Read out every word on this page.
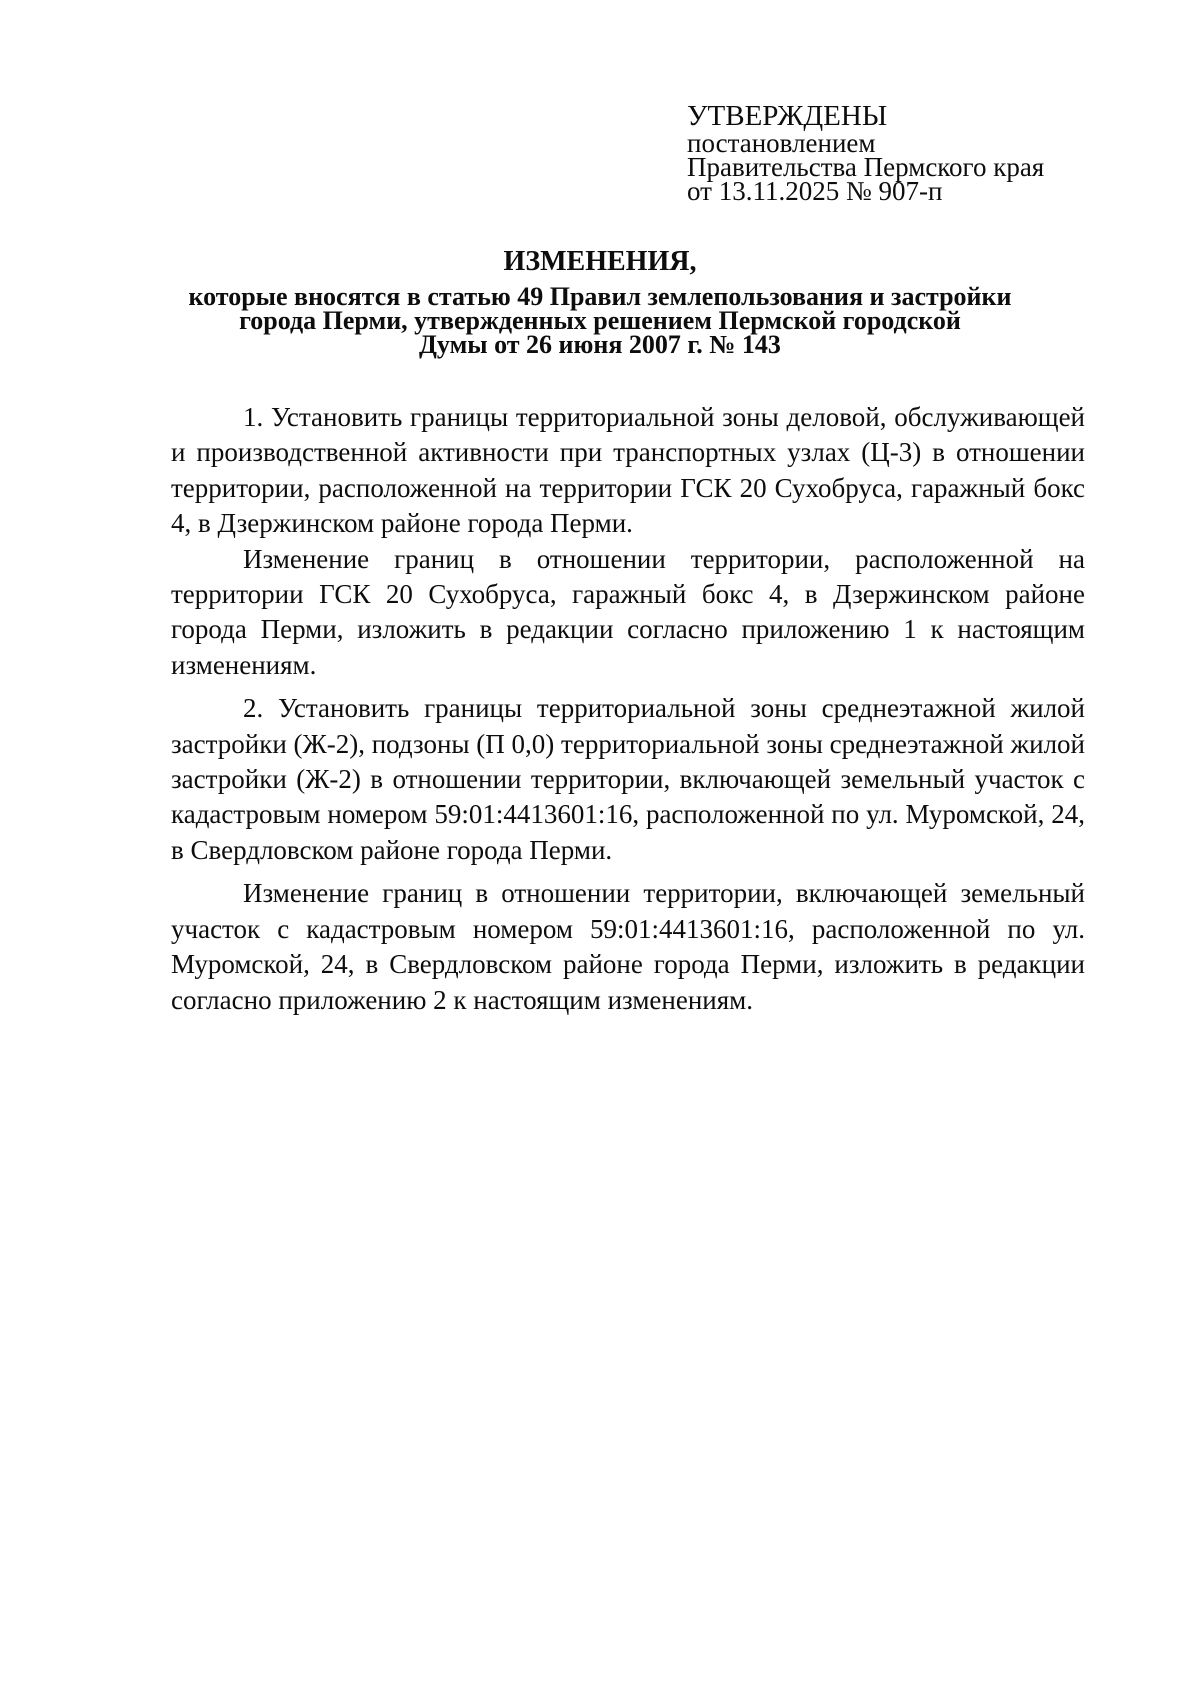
УТВЕРЖДЕНЫ
постановлением
Правительства Пермского края
от 13.11.2025 № 907-п
ИЗМЕНЕНИЯ,
которые вносятся в статью 49 Правил землепользования и застройки
города Перми, утвержденных решением Пермской городской
Думы от 26 июня 2007 г. № 143

1. Установить границы территориальной зоны деловой, обслуживающей и производственной активности при транспортных узлах (Ц-3) в отношении территории, расположенной на территории ГСК 20 Сухобруса, гаражный бокс 4, в Дзержинском районе города Перми.

Изменение границ в отношении территории, расположенной на территории ГСК 20 Сухобруса, гаражный бокс 4, в Дзержинском районе города Перми, изложить в редакции согласно приложению 1 к настоящим изменениям.

2. Установить границы территориальной зоны среднеэтажной жилой застройки (Ж-2), подзоны (П 0,0) территориальной зоны среднеэтажной жилой застройки (Ж-2) в отношении территории, включающей земельный участок с кадастровым номером 59:01:4413601:16, расположенной по ул. Муромской, 24, в Свердловском районе города Перми.

Изменение границ в отношении территории, включающей земельный участок с кадастровым номером 59:01:4413601:16, расположенной по ул. Муромской, 24, в Свердловском районе города Перми, изложить в редакции согласно приложению 2 к настоящим изменениям.
